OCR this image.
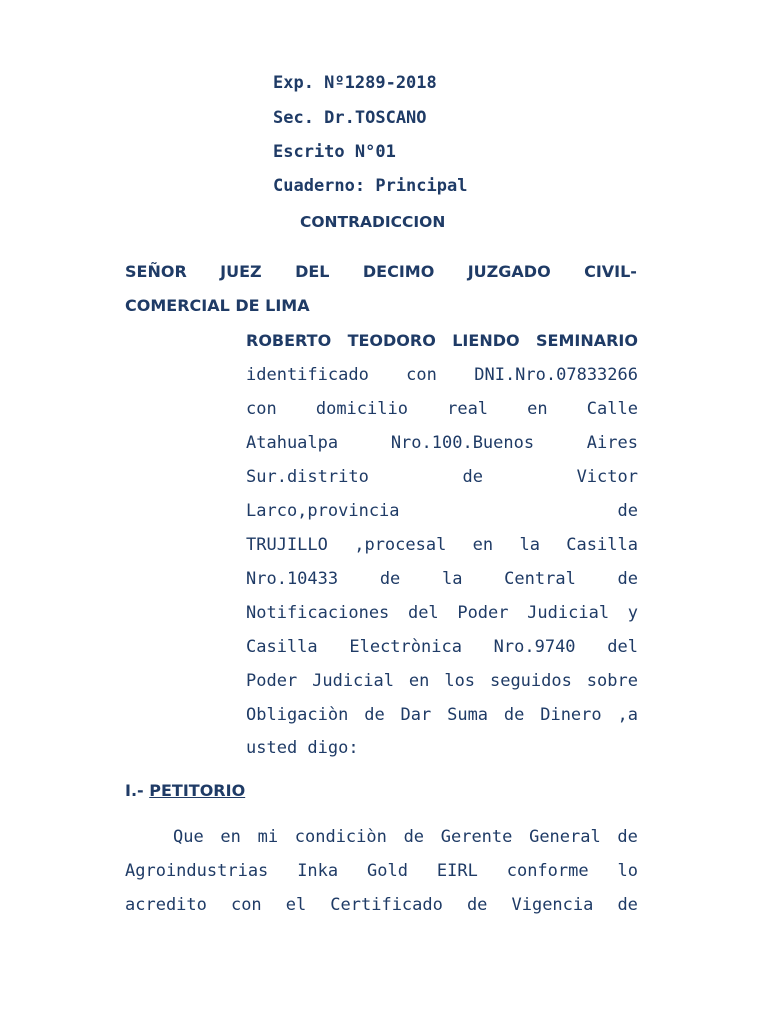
Exp. Nº1289-2018
Sec. Dr.TOSCANO
Escrito N°01
Cuaderno: Principal
CONTRADICCION
SEÑOR JUEZ DEL DECIMO JUZGADO CIVIL-
COMERCIAL DE LIMA
ROBERTO TEODORO LIENDO SEMINARIO
identificado con DNI.Nro.07833266
con domicilio real en Calle
Atahualpa	Nro.100.Buenos	Aires
Sur.distrito	de	Victor
Larco,provincia	de
TRUJILLO ,procesal en la Casilla
Nro.10433 de la Central de
Notificaciones del Poder Judicial y
Casilla Electrònica Nro.9740 del
Poder Judicial en los seguidos sobre
Obligaciòn de Dar Suma de Dinero ,a
usted digo:
I.- PETITORIO
Que en mi condiciòn de Gerente General de
Agroindustrias Inka Gold EIRL conforme lo
acredito con el Certificado de Vigencia de
